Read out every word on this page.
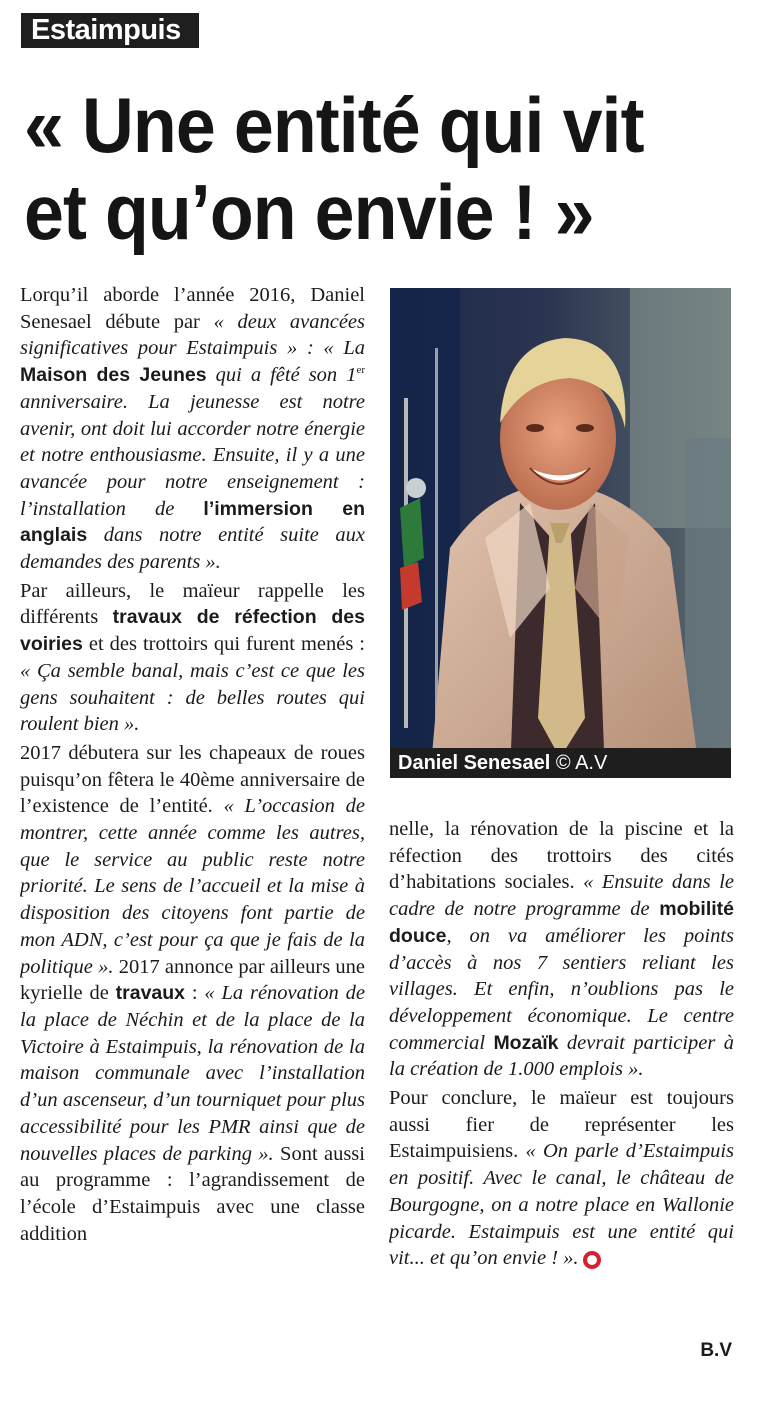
Estaimpuis
« Une entité qui vit
et qu’on envie ! »

Lorqu’il aborde l’année 2016, Daniel Senesael débute par « deux avancées significatives pour Estaimpuis » : « La Maison des Jeunes qui a fêté son 1er anniversaire. La jeunesse est notre avenir, ont doit lui accorder notre énergie et notre enthousiasme. Ensuite, il y a une avancée pour notre enseignement : l’installation de l’immersion en anglais dans notre entité suite aux demandes des parents ».

Par ailleurs, le maïeur rappelle les différents travaux de réfection des voiries et des trottoirs qui furent menés : « Ça semble banal, mais c’est ce que les gens souhaitent : de belles routes qui roulent bien ».

2017 débutera sur les chapeaux de roues puisqu’on fêtera le 40ème anniversaire de l’existence de l’entité. « L’occasion de montrer, cette année comme les autres, que le service au public reste notre priorité. Le sens de l’accueil et la mise à disposition des citoyens font partie de mon ADN, c’est pour ça que je fais de la politique ». 2017 annonce par ailleurs une kyrielle de travaux : « La rénovation de la place de Néchin et de la place de la Victoire à Estaimpuis, la rénovation de la maison communale avec l’installation d’un ascenseur, d’un tourniquet pour plus accessibilité pour les PMR ainsi que de nouvelles places de parking ». Sont aussi au programme : l’agrandissement de l’école d’Estaimpuis avec une classe addition

Daniel Senesael © A.V

nelle, la rénovation de la piscine et la réfection des trottoirs des cités d’habitations sociales. « Ensuite dans le cadre de notre programme de mobilité douce, on va améliorer les points d’accès à nos 7 sentiers reliant les villages. Et enfin, n’oublions pas le développement économique. Le centre commercial Mozaïk devrait participer à la création de 1.000 emplois ».

Pour conclure, le maïeur est toujours aussi fier de représenter les Estaimpuisiens. « On parle d’Estaimpuis en positif. Avec le canal, le château de Bourgogne, on a notre place en Wallonie picarde. Estaimpuis est une entité qui vit... et qu’on envie ! ».

B.V
